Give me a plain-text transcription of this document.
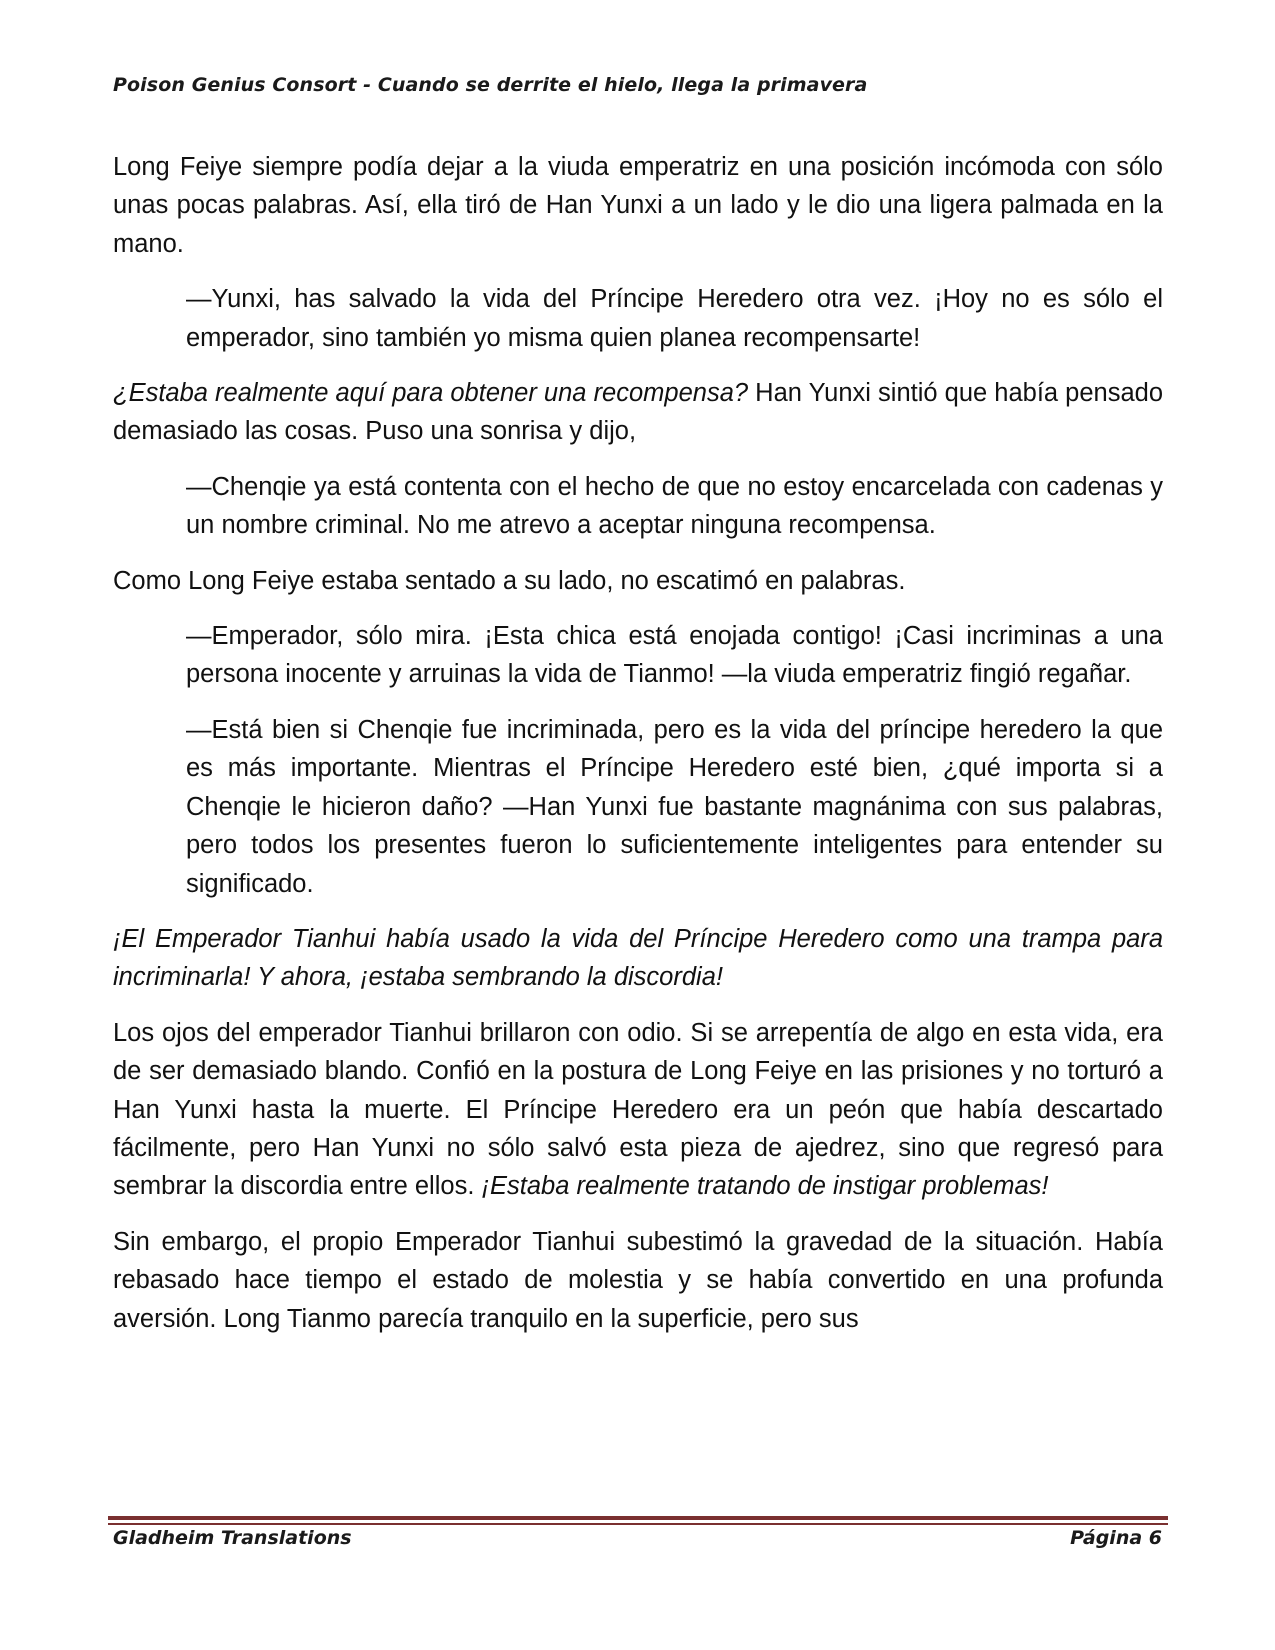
Poison Genius Consort - Cuando se derrite el hielo, llega la primavera

Long Feiye siempre podía dejar a la viuda emperatriz en una posición incómoda con sólo unas pocas palabras. Así, ella tiró de Han Yunxi a un lado y le dio una ligera palmada en la mano.

—Yunxi, has salvado la vida del Príncipe Heredero otra vez. ¡Hoy no es sólo el emperador, sino también yo misma quien planea recompensarte!

¿Estaba realmente aquí para obtener una recompensa? Han Yunxi sintió que había pensado demasiado las cosas. Puso una sonrisa y dijo,

—Chenqie ya está contenta con el hecho de que no estoy encarcelada con cadenas y un nombre criminal. No me atrevo a aceptar ninguna recompensa.

Como Long Feiye estaba sentado a su lado, no escatimó en palabras.

—Emperador, sólo mira. ¡Esta chica está enojada contigo! ¡Casi incriminas a una persona inocente y arruinas la vida de Tianmo! —la viuda emperatriz fingió regañar.

—Está bien si Chenqie fue incriminada, pero es la vida del príncipe heredero la que es más importante. Mientras el Príncipe Heredero esté bien, ¿qué importa si a Chenqie le hicieron daño? —Han Yunxi fue bastante magnánima con sus palabras, pero todos los presentes fueron lo suficientemente inteligentes para entender su significado.

¡El Emperador Tianhui había usado la vida del Príncipe Heredero como una trampa para incriminarla! Y ahora, ¡estaba sembrando la discordia!

Los ojos del emperador Tianhui brillaron con odio. Si se arrepentía de algo en esta vida, era de ser demasiado blando. Confió en la postura de Long Feiye en las prisiones y no torturó a Han Yunxi hasta la muerte. El Príncipe Heredero era un peón que había descartado fácilmente, pero Han Yunxi no sólo salvó esta pieza de ajedrez, sino que regresó para sembrar la discordia entre ellos. ¡Estaba realmente tratando de instigar problemas!

Sin embargo, el propio Emperador Tianhui subestimó la gravedad de la situación. Había rebasado hace tiempo el estado de molestia y se había convertido en una profunda aversión. Long Tianmo parecía tranquilo en la superficie, pero sus

Gladheim Translations	Página 6
